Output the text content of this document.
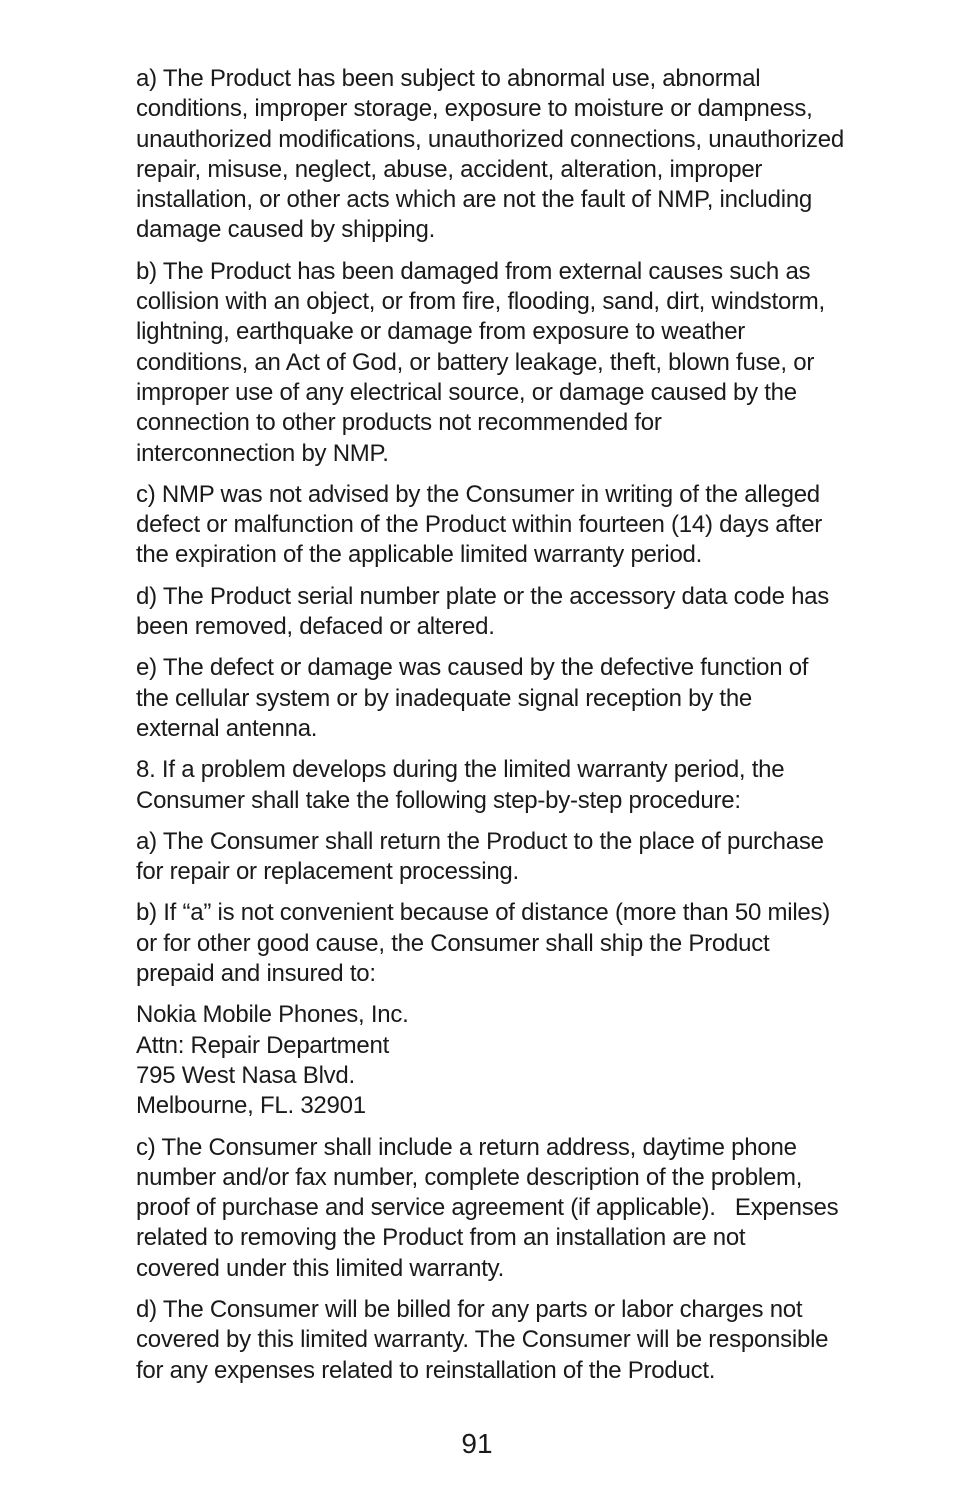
a) The Product has been subject to abnormal use, abnormal
conditions, improper storage, exposure to moisture or dampness,
unauthorized modifications, unauthorized connections, unauthorized
repair, misuse, neglect, abuse, accident, alteration, improper
installation, or other acts which are not the fault of NMP, including
damage caused by shipping.

b) The Product has been damaged from external causes such as
collision with an object, or from fire, flooding, sand, dirt, windstorm,
lightning, earthquake or damage from exposure to weather
conditions, an Act of God, or battery leakage, theft, blown fuse, or
improper use of any electrical source, or damage caused by the
connection to other products not recommended for
interconnection by NMP.

c) NMP was not advised by the Consumer in writing of the alleged
defect or malfunction of the Product within fourteen (14) days after
the expiration of the applicable limited warranty period.

d) The Product serial number plate or the accessory data code has
been removed, defaced or altered.

e) The defect or damage was caused by the defective function of
the cellular system or by inadequate signal reception by the
external antenna.

8. If a problem develops during the limited warranty period, the
Consumer shall take the following step-by-step procedure:

a) The Consumer shall return the Product to the place of purchase
for repair or replacement processing.

b) If “a” is not convenient because of distance (more than 50 miles)
or for other good cause, the Consumer shall ship the Product
prepaid and insured to:

Nokia Mobile Phones, Inc.
Attn: Repair Department
795 West Nasa Blvd.
Melbourne, FL. 32901

c) The Consumer shall include a return address, daytime phone
number and/or fax number, complete description of the problem,
proof of purchase and service agreement (if applicable).   Expenses
related to removing the Product from an installation are not
covered under this limited warranty.

d) The Consumer will be billed for any parts or labor charges not
covered by this limited warranty. The Consumer will be responsible
for any expenses related to reinstallation of the Product.

91
